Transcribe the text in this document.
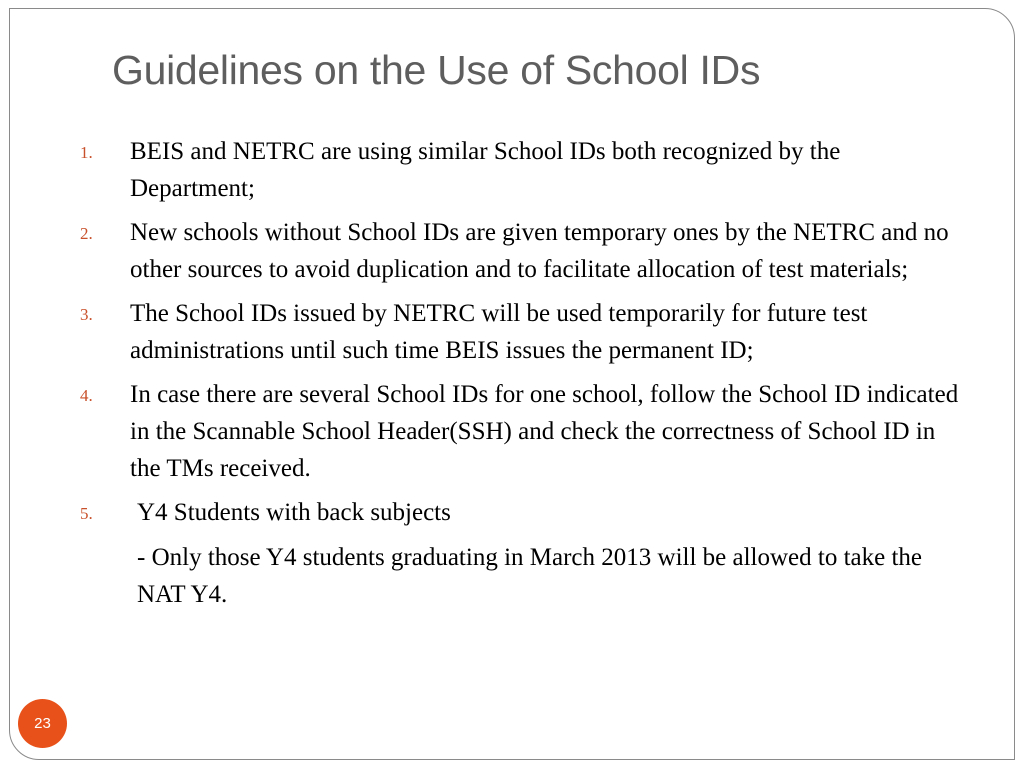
Guidelines on the Use of School IDs
1. BEIS and NETRC are using similar School IDs both recognized by the Department;
2. New schools without School IDs are given temporary ones by the NETRC and no other sources to avoid duplication and to facilitate allocation of test materials;
3. The School IDs issued by NETRC will be used temporarily for future test administrations until such time BEIS issues the permanent ID;
4. In case there are several School IDs for one school, follow the School ID indicated in the Scannable School Header(SSH) and check the correctness of School ID in the TMs received.
5. Y4 Students with back subjects
- Only those Y4 students graduating in March 2013 will be allowed to take the NAT Y4.
23
